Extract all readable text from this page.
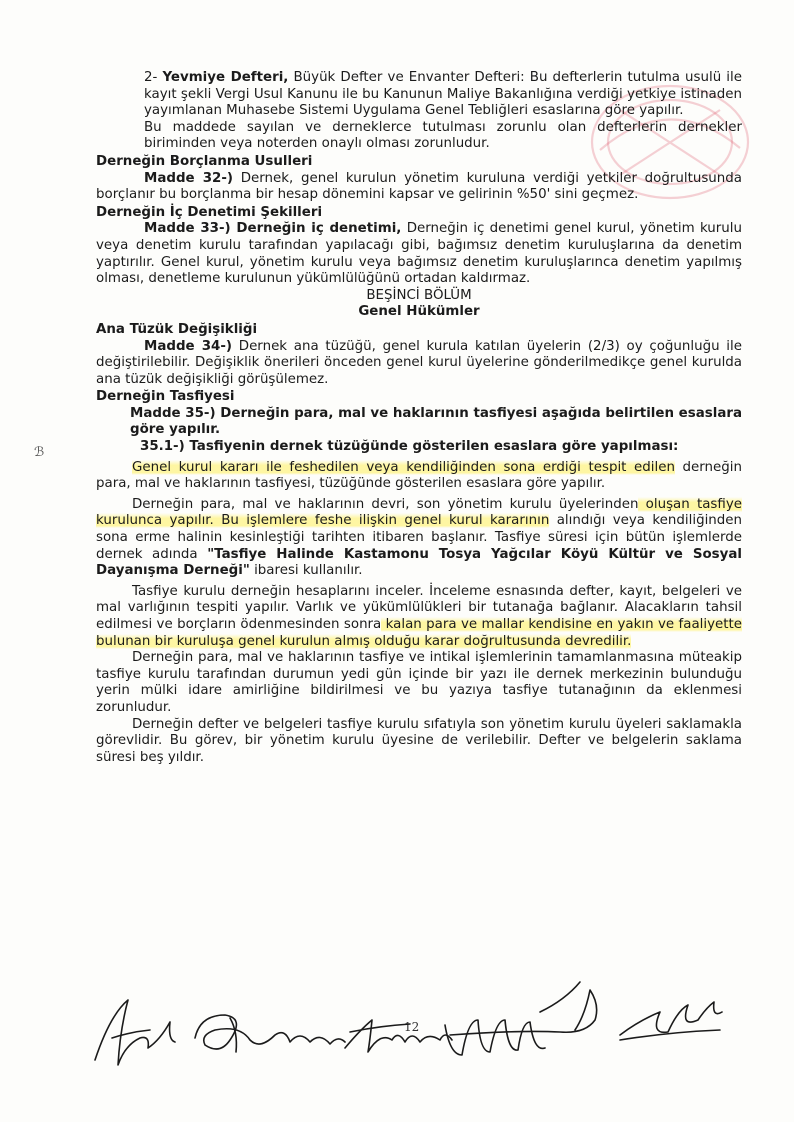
ℬ

2- Yevmiye Defteri, Büyük Defter ve Envanter Defteri: Bu defterlerin tutulma usulü ile kayıt şekli Vergi Usul Kanunu ile bu Kanunun Maliye Bakanlığına verdiği yetkiye istinaden yayımlanan Muhasebe Sistemi Uygulama Genel Tebliğleri esaslarına göre yapılır.

Bu maddede sayılan ve derneklerce tutulması zorunlu olan defterlerin dernekler biriminden veya noterden onaylı olması zorunludur.

Derneğin Borçlanma Usulleri

Madde 32-) Dernek, genel kurulun yönetim kuruluna verdiği yetkiler doğrultusunda borçlanır bu borçlanma bir hesap dönemini kapsar ve gelirinin %50' sini geçmez.

Derneğin İç Denetimi Şekilleri

Madde 33-) Derneğin iç denetimi, Derneğin iç denetimi genel kurul, yönetim kurulu veya denetim kurulu tarafından yapılacağı gibi, bağımsız denetim kuruluşlarına da denetim yaptırılır. Genel kurul, yönetim kurulu veya bağımsız denetim kuruluşlarınca denetim yapılmış olması, denetleme kurulunun yükümlülüğünü ortadan kaldırmaz.

BEŞİNCİ BÖLÜM

Genel Hükümler

Ana Tüzük Değişikliği

Madde 34-) Dernek ana tüzüğü, genel kurula katılan üyelerin (2/3) oy çoğunluğu ile değiştirilebilir. Değişiklik önerileri önceden genel kurul üyelerine gönderilmedikçe genel kurulda ana tüzük değişikliği görüşülemez.

Derneğin Tasfiyesi

Madde 35-) Derneğin para, mal ve haklarının tasfiyesi aşağıda belirtilen esaslara göre yapılır.

35.1-) Tasfiyenin dernek tüzüğünde gösterilen esaslara göre yapılması:

Genel kurul kararı ile feshedilen veya kendiliğinden sona erdiği tespit edilen derneğin para, mal ve haklarının tasfiyesi, tüzüğünde gösterilen esaslara göre yapılır.

Derneğin para, mal ve haklarının devri, son yönetim kurulu üyelerinden oluşan tasfiye kurulunca yapılır. Bu işlemlere feshe ilişkin genel kurul kararının alındığı veya kendiliğinden sona erme halinin kesinleştiği tarihten itibaren başlanır. Tasfiye süresi için bütün işlemlerde dernek adında "Tasfiye Halinde Kastamonu Tosya Yağcılar Köyü Kültür ve Sosyal Dayanışma Derneği" ibaresi kullanılır.

Tasfiye kurulu derneğin hesaplarını inceler. İnceleme esnasında defter, kayıt, belgeleri ve mal varlığının tespiti yapılır. Varlık ve yükümlülükleri bir tutanağa bağlanır. Alacakların tahsil edilmesi ve borçların ödenmesinden sonra kalan para ve mallar kendisine en yakın ve faaliyette bulunan bir kuruluşa genel kurulun almış olduğu karar doğrultusunda devredilir.

Derneğin para, mal ve haklarının tasfiye ve intikal işlemlerinin tamamlanmasına müteakip tasfiye kurulu tarafından durumun yedi gün içinde bir yazı ile dernek merkezinin bulunduğu yerin mülki idare amirliğine bildirilmesi ve bu yazıya tasfiye tutanağının da eklenmesi zorunludur.

Derneğin defter ve belgeleri tasfiye kurulu sıfatıyla son yönetim kurulu üyeleri saklamakla görevlidir. Bu görev, bir yönetim kurulu üyesine de verilebilir. Defter ve belgelerin saklama süresi beş yıldır.

12
